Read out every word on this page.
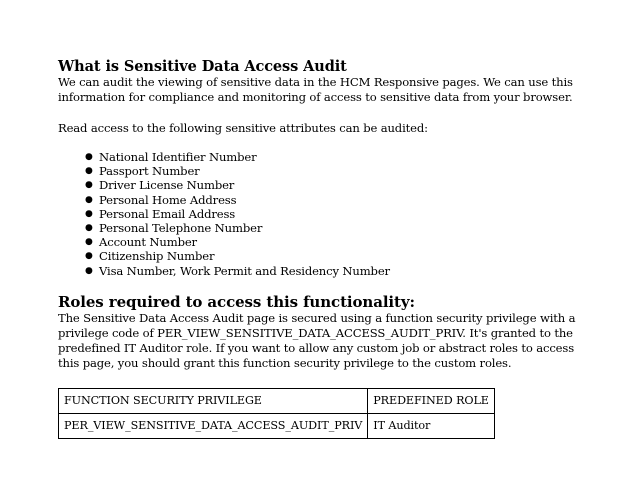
What is Sensitive Data Access Audit

We can audit the viewing of sensitive data in the HCM Responsive pages. We can use this information for compliance and monitoring of access to sensitive data from your browser.

Read access to the following sensitive attributes can be audited:

● National Identifier Number
● Passport Number
● Driver License Number
● Personal Home Address
● Personal Email Address
● Personal Telephone Number
● Account Number
● Citizenship Number
● Visa Number, Work Permit and Residency Number
Roles required to access this functionality:

The Sensitive Data Access Audit page is secured using a function security privilege with a privilege code of PER_VIEW_SENSITIVE_DATA_ACCESS_AUDIT_PRIV. It's granted to the predefined IT Auditor role. If you want to allow any custom job or abstract roles to access this page, you should grant this function security privilege to the custom roles.

FUNCTION SECURITY PRIVILEGE	PREDEFINED ROLE
PER_VIEW_SENSITIVE_DATA_ACCESS_AUDIT_PRIV	IT Auditor
